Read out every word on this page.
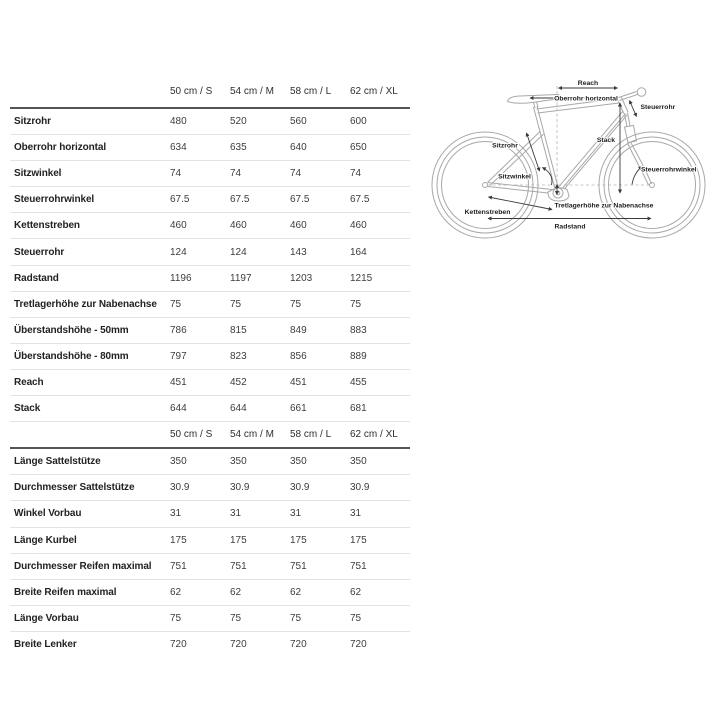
50 cm / S	54 cm / M	58 cm / L	62 cm / XL
Sitzrohr	480	520	560	600
Oberrohr horizontal	634	635	640	650
Sitzwinkel	74	74	74	74
Steuerrohrwinkel	67.5	67.5	67.5	67.5
Kettenstreben	460	460	460	460
Steuerrohr	124	124	143	164
Radstand	1196	1197	1203	1215
Tretlagerhöhe zur Nabenachse	75	75	75	75
Überstandshöhe - 50mm	786	815	849	883
Überstandshöhe - 80mm	797	823	856	889
Reach	451	452	451	455
Stack	644	644	661	681
50 cm / S	54 cm / M	58 cm / L	62 cm / XL
Länge Sattelstütze	350	350	350	350
Durchmesser Sattelstütze	30.9	30.9	30.9	30.9
Winkel Vorbau	31	31	31	31
Länge Kurbel	175	175	175	175
Durchmesser Reifen maximal	751	751	751	751
Breite Reifen maximal	62	62	62	62
Länge Vorbau	75	75	75	75
Breite Lenker	720	720	720	720
Reach
Oberrohr horizontal
Steuerrohr
Sitzrohr
Stack
Sitzwinkel
Steuerrohrwinkel
Tretlagerhöhe zur Nabenachse
Kettenstreben
Radstand
